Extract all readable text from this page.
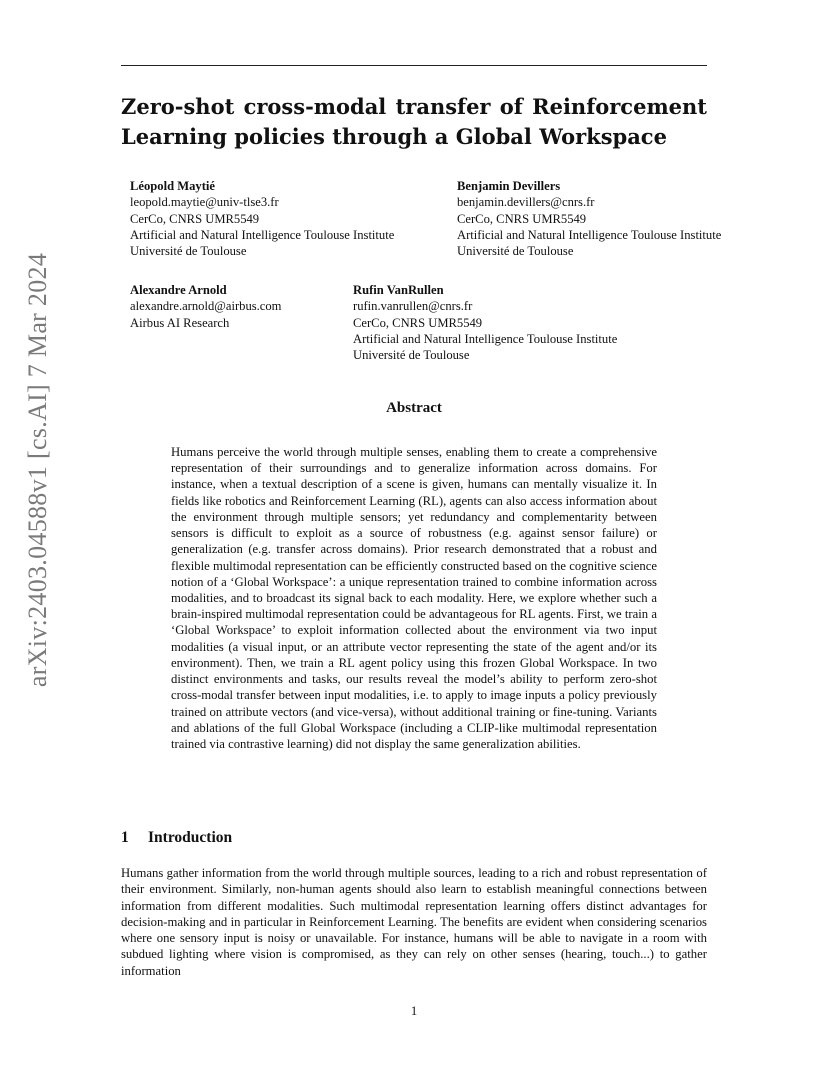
arXiv:2403.04588v1 [cs.AI] 7 Mar 2024
Zero-shot cross-modal transfer of Reinforcement Learning policies through a Global Workspace
Léopold Maytié
leopold.maytie@univ-tlse3.fr
CerCo, CNRS UMR5549
Artificial and Natural Intelligence Toulouse Institute
Université de Toulouse
Benjamin Devillers
benjamin.devillers@cnrs.fr
CerCo, CNRS UMR5549
Artificial and Natural Intelligence Toulouse Institute
Université de Toulouse
Alexandre Arnold
alexandre.arnold@airbus.com
Airbus AI Research
Rufin VanRullen
rufin.vanrullen@cnrs.fr
CerCo, CNRS UMR5549
Artificial and Natural Intelligence Toulouse Institute
Université de Toulouse
Abstract

Humans perceive the world through multiple senses, enabling them to create a comprehensive representation of their surroundings and to generalize information across domains. For instance, when a textual description of a scene is given, humans can mentally visualize it. In fields like robotics and Reinforcement Learning (RL), agents can also access information about the environment through multiple sensors; yet redundancy and complementarity between sensors is difficult to exploit as a source of robustness (e.g. against sensor failure) or generalization (e.g. transfer across domains). Prior research demonstrated that a robust and flexible multimodal representation can be efficiently constructed based on the cognitive science notion of a ‘Global Workspace’: a unique representation trained to combine information across modalities, and to broadcast its signal back to each modality. Here, we explore whether such a brain-inspired multimodal representation could be advantageous for RL agents. First, we train a ‘Global Workspace’ to exploit information collected about the environment via two input modalities (a visual input, or an attribute vector representing the state of the agent and/or its environment). Then, we train a RL agent policy using this frozen Global Workspace. In two distinct environments and tasks, our results reveal the model’s ability to perform zero-shot cross-modal transfer between input modalities, i.e. to apply to image inputs a policy previously trained on attribute vectors (and vice-versa), without additional training or fine-tuning. Variants and ablations of the full Global Workspace (including a CLIP-like multimodal representation trained via contrastive learning) did not display the same generalization abilities.

1 Introduction

Humans gather information from the world through multiple sources, leading to a rich and robust representation of their environment. Similarly, non-human agents should also learn to establish meaningful connections between information from different modalities. Such multimodal representation learning offers distinct advantages for decision-making and in particular in Reinforcement Learning. The benefits are evident when considering scenarios where one sensory input is noisy or unavailable. For instance, humans will be able to navigate in a room with subdued lighting where vision is compromised, as they can rely on other senses (hearing, touch...) to gather information

1
